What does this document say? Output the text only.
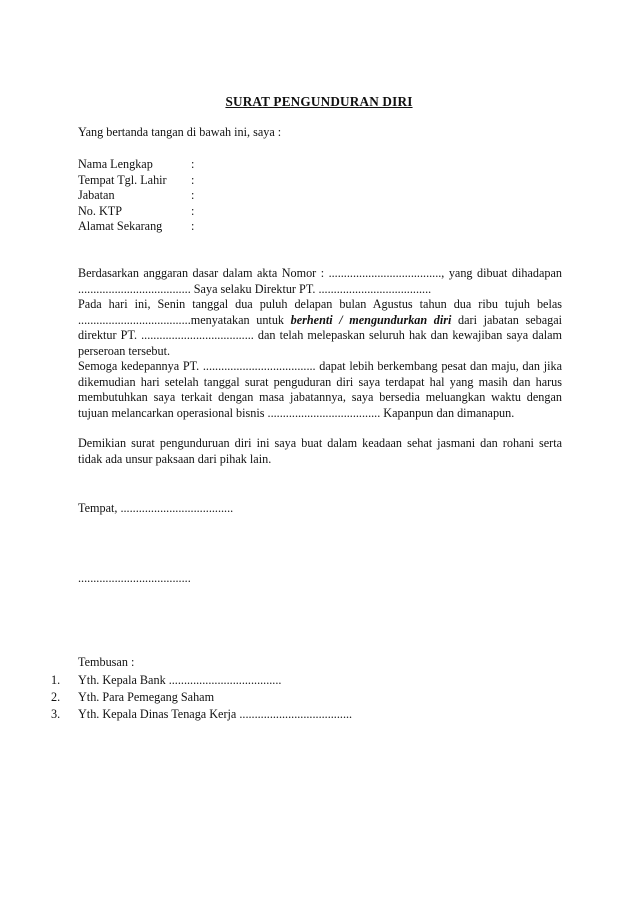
SURAT PENGUNDURAN DIRI
Yang bertanda tangan di bawah ini, saya :
Nama Lengkap	:
Tempat Tgl. Lahir	:
Jabatan	:
No. KTP	:
Alamat Sekarang	:

Berdasarkan anggaran dasar dalam akta Nomor : ....................................., yang dibuat dihadapan ..................................... Saya selaku Direktur PT. .....................................

Pada hari ini, Senin tanggal dua puluh delapan bulan Agustus tahun dua ribu tujuh belas .....................................menyatakan untuk berhenti / mengundurkan diri dari jabatan sebagai direktur PT. ..................................... dan telah melepaskan seluruh hak dan kewajiban saya dalam perseroan tersebut.

Semoga kedepannya PT. ..................................... dapat lebih berkembang pesat dan maju, dan jika dikemudian hari setelah tanggal surat penguduran diri saya terdapat hal yang masih dan harus membutuhkan saya terkait dengan masa jabatannya, saya bersedia meluangkan waktu dengan tujuan melancarkan operasional bisnis ..................................... Kapanpun dan dimanapun.

Demikian surat pengunduruan diri ini saya buat dalam keadaan sehat jasmani dan rohani serta tidak ada unsur paksaan dari pihak lain.
Tempat, .....................................
.....................................
Tembusan :
1.	Yth. Kepala Bank .....................................
2.	Yth. Para Pemegang Saham
3.	Yth. Kepala Dinas Tenaga Kerja .....................................
